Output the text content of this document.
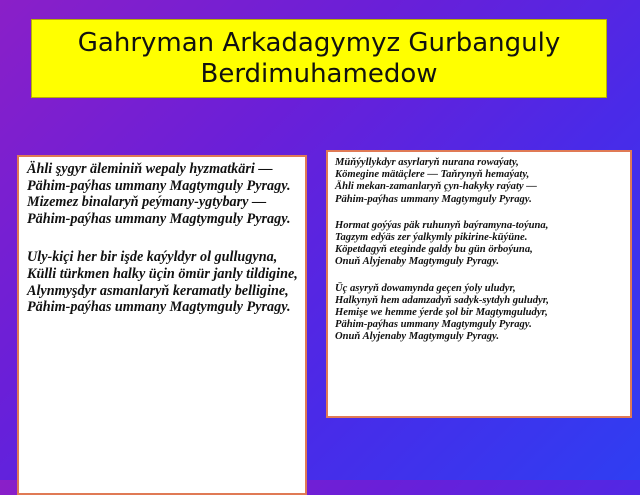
Gahryman Arkadagymyz Gurbanguly Berdimuhamedow
Ähli şygyr äleminiň wepaly hyzmatkäri —
Pähim-paýhas ummany Magtymguly Pyragy.
Mizemez binalaryň peýmany-ygtybary —
Pähim-paýhas ummany Magtymguly Pyragy.
Uly-kiçi her bir işde kaýyldyr ol gullugyna,
Külli türkmen halky üçin ömür janly tildigine,
Alynmyşdyr asmanlaryň keramatly belligine,
Pähim-paýhas ummany Magtymguly Pyragy.
Müňýyllykdyr asyrlaryň nurana rowaýaty,
Kömegine mätäçlere — Taňrynyň hemaýaty,
Ähli mekan-zamanlaryň çyn-hakyky raýaty —
Pähim-paýhas ummany Magtymguly Pyragy.
Hormat goýýas päk ruhunyň baýramyna-toýuna,
Tagzym edýäs zer ýalkymly pikirine-küýüne.
Köpetdagyň eteginde galdy bu gün örboýuna,
Onuň Alyjenaby Magtymguly Pyragy.
Üç asyryň dowamynda geçen ýoly uludyr,
Halkynyň hem adamzadyň sadyk-sytdyh guludyr,
Hemişe we hemme ýerde şol bir Magtymguludyr,
Pähim-paýhas ummany Magtymguly Pyragy.
Onuň Alyjenaby Magtymguly Pyragy.
